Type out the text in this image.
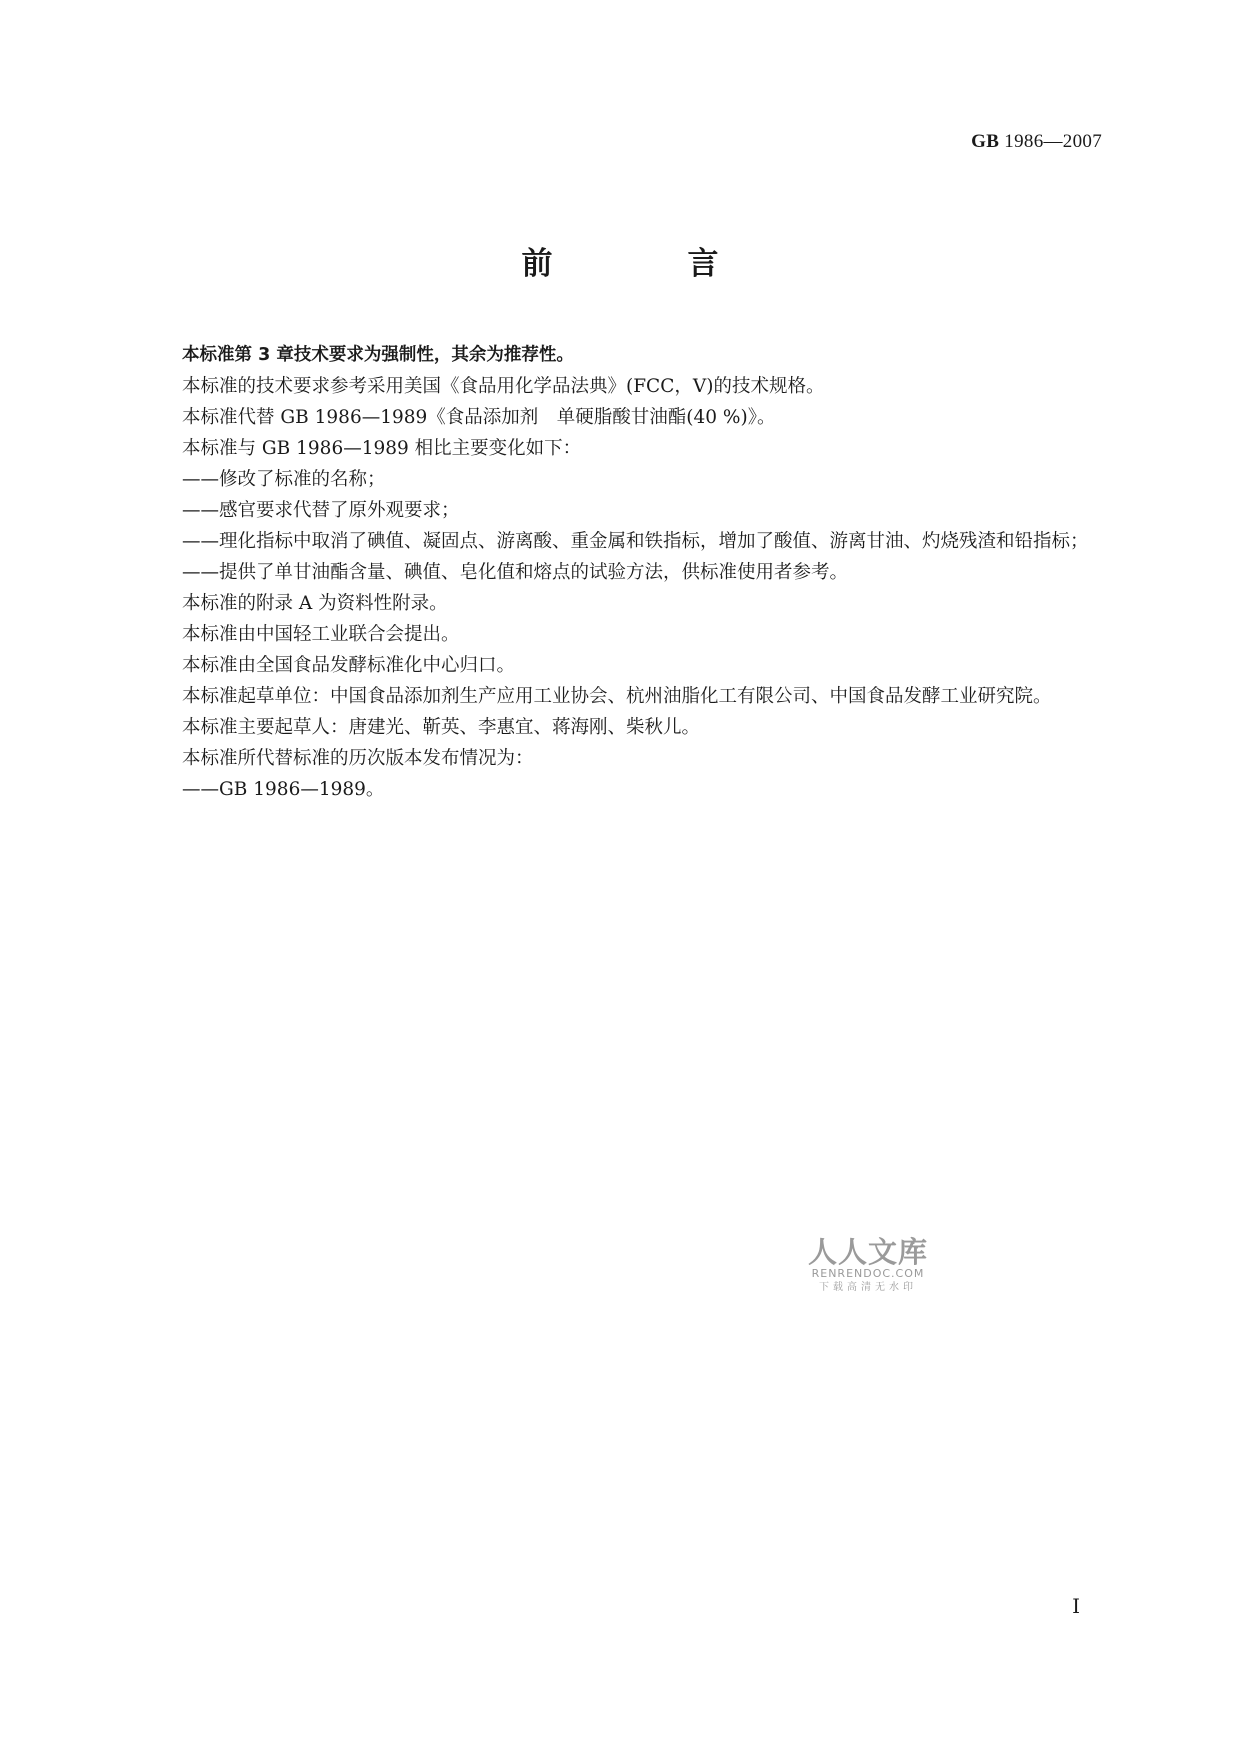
GB 1986—2007
前　言

本标准第 3 章技术要求为强制性，其余为推荐性。

本标准的技术要求参考采用美国《食品用化学品法典》(FCC，Ⅴ)的技术规格。

本标准代替 GB 1986—1989《食品添加剂　单硬脂酸甘油酯(40 %)》。

本标准与 GB 1986—1989 相比主要变化如下：

—— 修改了标准的名称；
—— 感官要求代替了原外观要求；
—— 理化指标中取消了碘值、凝固点、游离酸、重金属和铁指标，增加了酸值、游离甘油、灼烧残渣和铅指标；
—— 提供了单甘油酯含量、碘值、皂化值和熔点的试验方法，供标准使用者参考。

本标准的附录 A 为资料性附录。

本标准由中国轻工业联合会提出。

本标准由全国食品发酵标准化中心归口。

本标准起草单位：中国食品添加剂生产应用工业协会、杭州油脂化工有限公司、中国食品发酵工业研究院。

本标准主要起草人：唐建光、靳英、李惠宜、蒋海刚、柴秋儿。

本标准所代替标准的历次版本发布情况为：

—— GB 1986—1989。
人人文库
RENRENDOC.COM
下载高清无水印
Ⅰ
